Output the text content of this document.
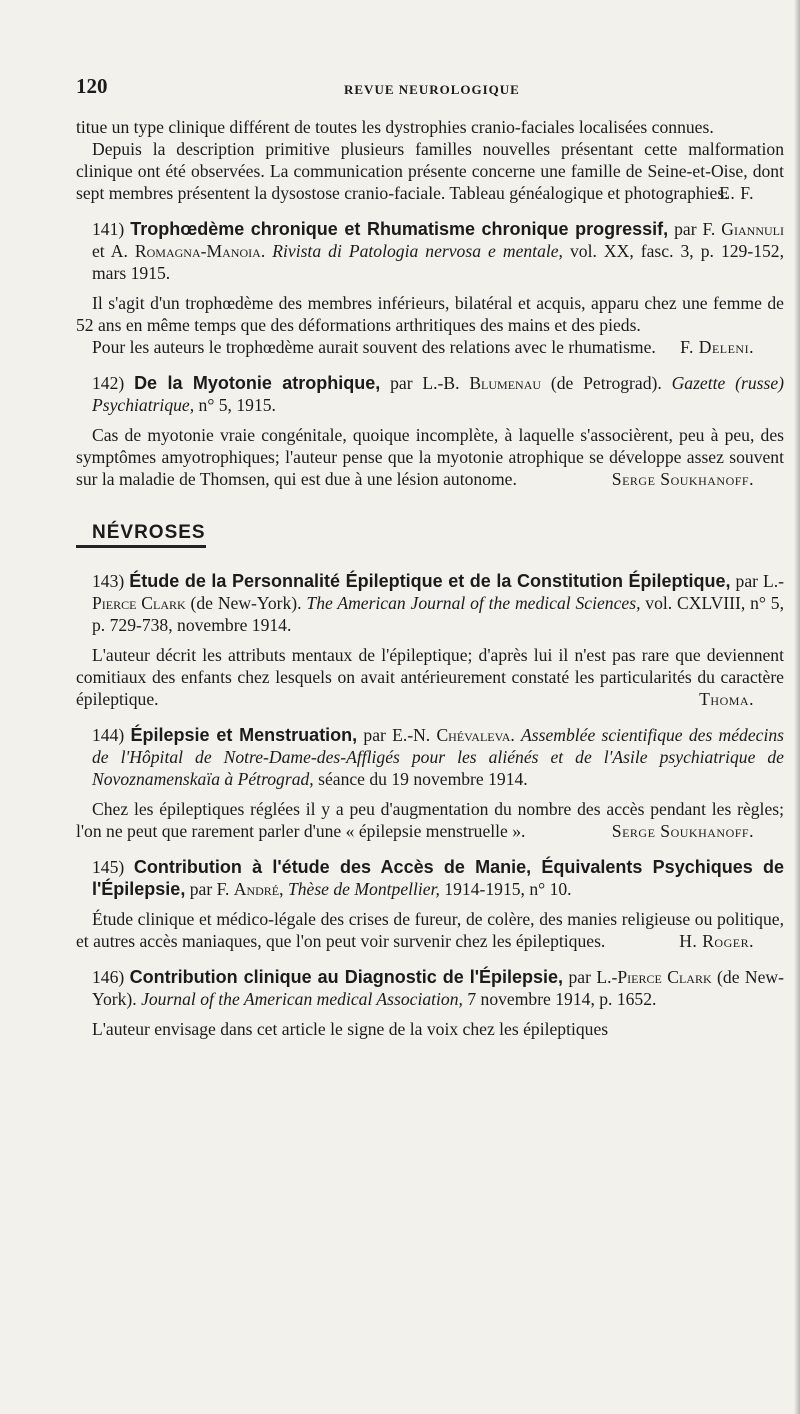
120	REVUE NEUROLOGIQUE

titue un type clinique différent de toutes les dystrophies cranio-faciales localisées connues.

Depuis la description primitive plusieurs familles nouvelles présentant cette malformation clinique ont été observées. La communication présente concerne une famille de Seine-et-Oise, dont sept membres présentent la dysostose cranio-faciale. Tableau généalogique et photographies.

E. F.

141) Trophœdème chronique et Rhumatisme chronique progressif, par F. Giannuli et A. Romagna-Manoia. Rivista di Patologia nervosa e mentale, vol. XX, fasc. 3, p. 129-152, mars 1915.

Il s'agit d'un trophœdème des membres inférieurs, bilatéral et acquis, apparu chez une femme de 52 ans en même temps que des déformations arthritiques des mains et des pieds.

Pour les auteurs le trophœdème aurait souvent des relations avec le rhumatisme.	F. Deleni.

142) De la Myotonie atrophique, par L.-B. Blumenau (de Petrograd). Gazette (russe) Psychiatrique, n° 5, 1915.

Cas de myotonie vraie congénitale, quoique incomplète, à laquelle s'associèrent, peu à peu, des symptômes amyotrophiques; l'auteur pense que la myotonie atrophique se développe assez souvent sur la maladie de Thomsen, qui est due à une lésion autonome.	Serge Soukhanoff.
NÉVROSES

143) Étude de la Personnalité Épileptique et de la Constitution Épileptique, par L.-Pierce Clark (de New-York). The American Journal of the medical Sciences, vol. CXLVIII, n° 5, p. 729-738, novembre 1914.

L'auteur décrit les attributs mentaux de l'épileptique; d'après lui il n'est pas rare que deviennent comitiaux des enfants chez lesquels on avait antérieurement constaté les particularités du caractère épileptique.	Thoma.

144) Épilepsie et Menstruation, par E.-N. Chévaleva. Assemblée scientifique des médecins de l'Hôpital de Notre-Dame-des-Affligés pour les aliénés et de l'Asile psychiatrique de Novoznamenskaïa à Pétrograd, séance du 19 novembre 1914.

Chez les épileptiques réglées il y a peu d'augmentation du nombre des accès pendant les règles; l'on ne peut que rarement parler d'une « épilepsie menstruelle ».	Serge Soukhanoff.

145) Contribution à l'étude des Accès de Manie, Équivalents Psychiques de l'Épilepsie, par F. André, Thèse de Montpellier, 1914-1915, n° 10.

Étude clinique et médico-légale des crises de fureur, de colère, des manies religieuse ou politique, et autres accès maniaques, que l'on peut voir survenir chez les épileptiques.	H. Roger.

146) Contribution clinique au Diagnostic de l'Épilepsie, par L.-Pierce Clark (de New-York). Journal of the American medical Association, 7 novembre 1914, p. 1652.

L'auteur envisage dans cet article le signe de la voix chez les épileptiques
